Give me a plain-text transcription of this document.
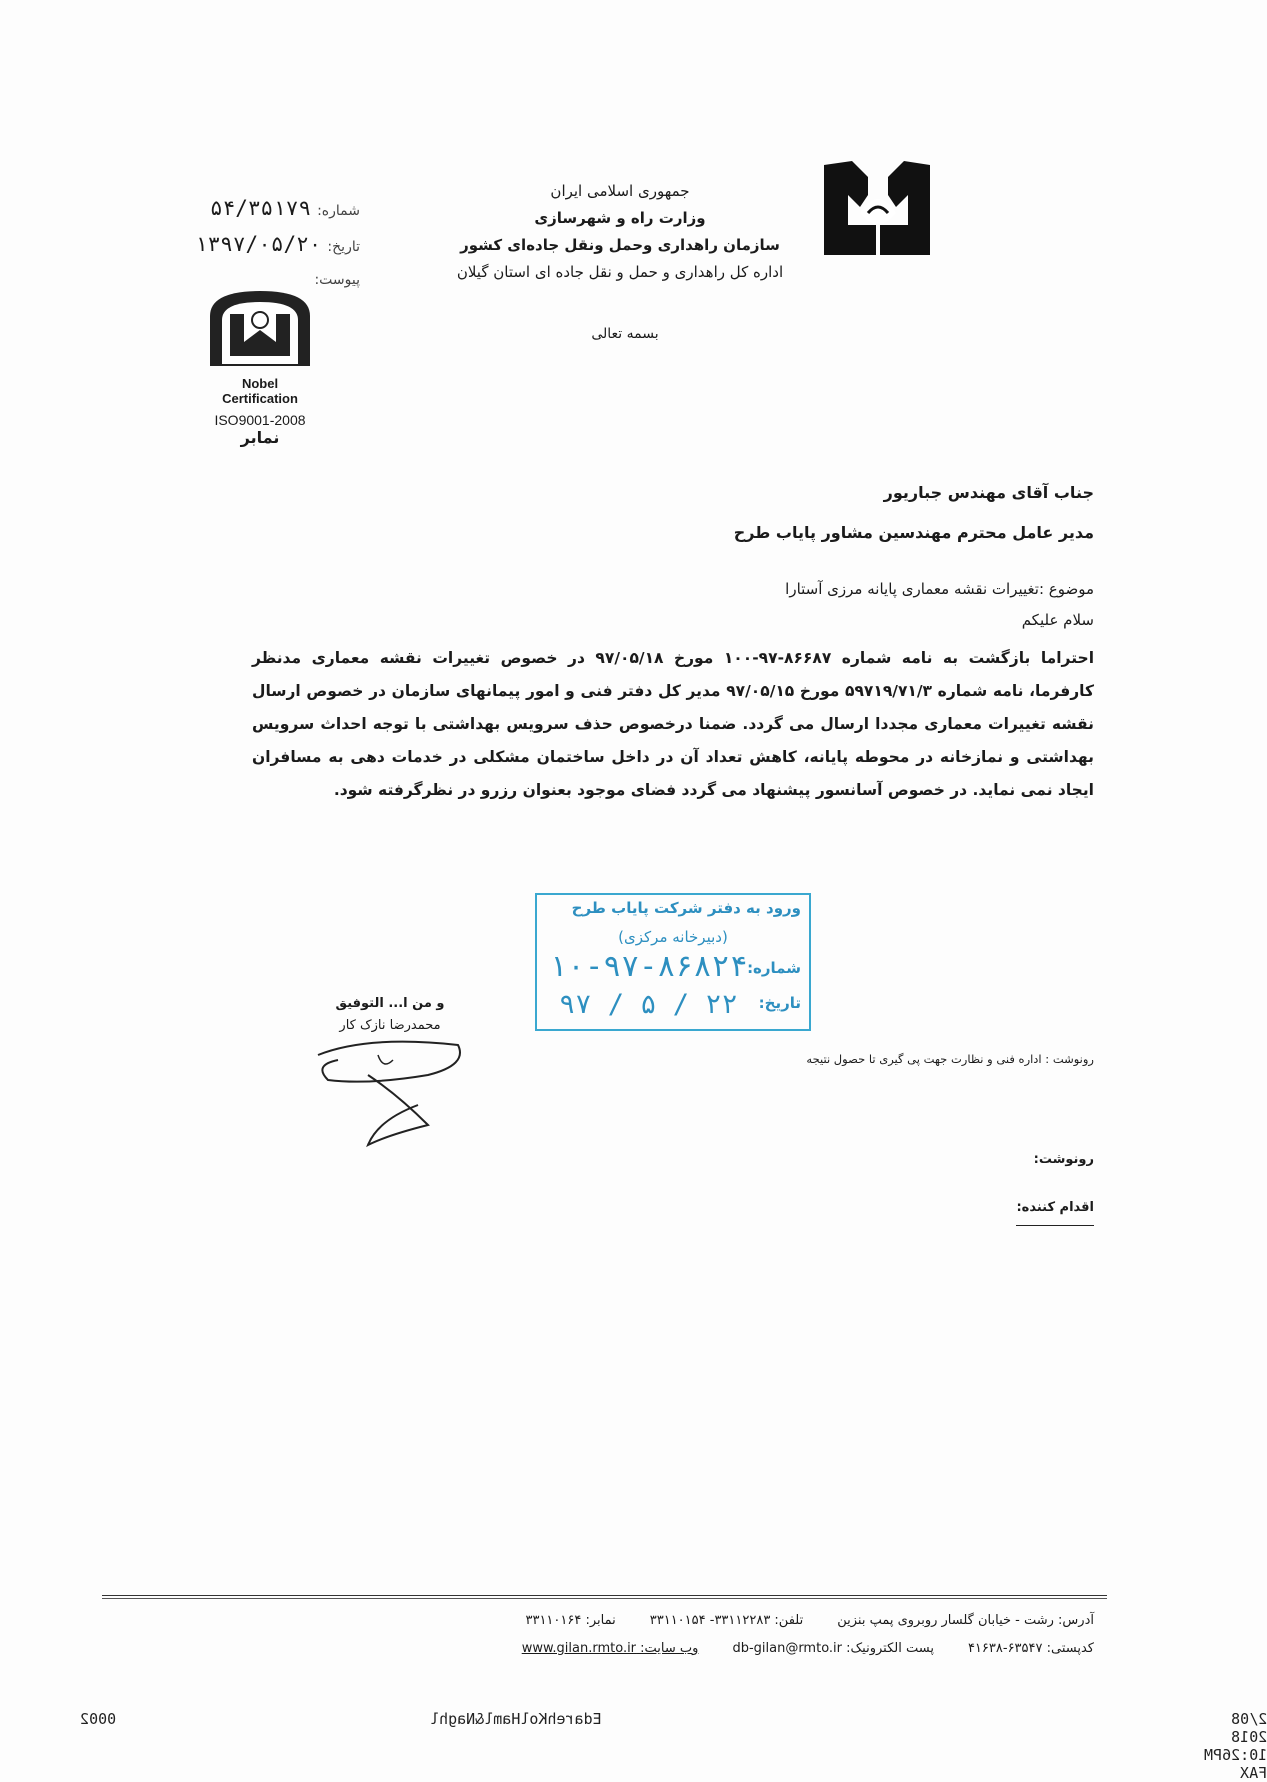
جمهوری اسلامی ایران
وزارت راه و شهرسازی
سازمان راهداری وحمل ونقل جاده‌ای کشور
اداره کل راهداری و حمل و نقل جاده ای استان گیلان
بسمه تعالی
شماره:
۵۴/۳۵۱۷۹
تاریخ:
۱۳۹۷/۰۵/۲۰
پیوست:
Nobel
Certification
ISO9001-2008
نمابر
جناب آقای مهندس جباریور
مدیر عامل محترم مهندسین مشاور پایاب طرح
موضوع :تغییرات نقشه معماری پایانه مرزی آستارا
سلام علیکم
احتراما بازگشت به نامه شماره ۸۶۶۸۷-۹۷-۱۰۰ مورخ ۹۷/۰۵/۱۸ در خصوص تغییرات نقشه معماری مدنظر کارفرما، نامه شماره ۵۹۷۱۹/۷۱/۳ مورخ ۹۷/۰۵/۱۵ مدیر کل دفتر فنی و امور پیمانهای سازمان در خصوص ارسال نقشه تغییرات معماری مجددا ارسال می گردد. ضمنا درخصوص حذف سرویس بهداشتی با توجه احداث سرویس بهداشتی و نمازخانه در محوطه پایانه، کاهش تعداد آن در داخل ساختمان مشکلی در خدمات دهی به مسافران ایجاد نمی نماید. در خصوص آسانسور پیشنهاد می گردد فضای موجود بعنوان رزرو در نظرگرفته شود.
ورود به دفتر شرکت پایاب طرح
(دبیرخانه مرکزی)
شماره:
۱۰-۹۷-۸۶۸۲۴
تاریخ:
۹۷ / ۵ / ۲۲
و من ا... التوفیق
محمدرضا نازک کار
رونوشت : اداره فنی و نظارت جهت پی گیری تا حصول نتیجه
رونوشت:
اقدام کننده:
آدرس: رشت - خیابان گلسار روبروی پمپ بنزین
تلفن: ۳۳۱۱۲۲۸۳- ۳۳۱۱۰۱۵۴
نمابر: ۳۳۱۱۰۱۶۴
کدپستی: ۶۳۵۴۷-۴۱۶۳۸
پست الکترونیک: db-gilan@rmto.ir
وب سایت: www.gilan.rmto.ir
2/08 2018 10:26PM FAX
EdarehKolHaml&Naghl
0002
